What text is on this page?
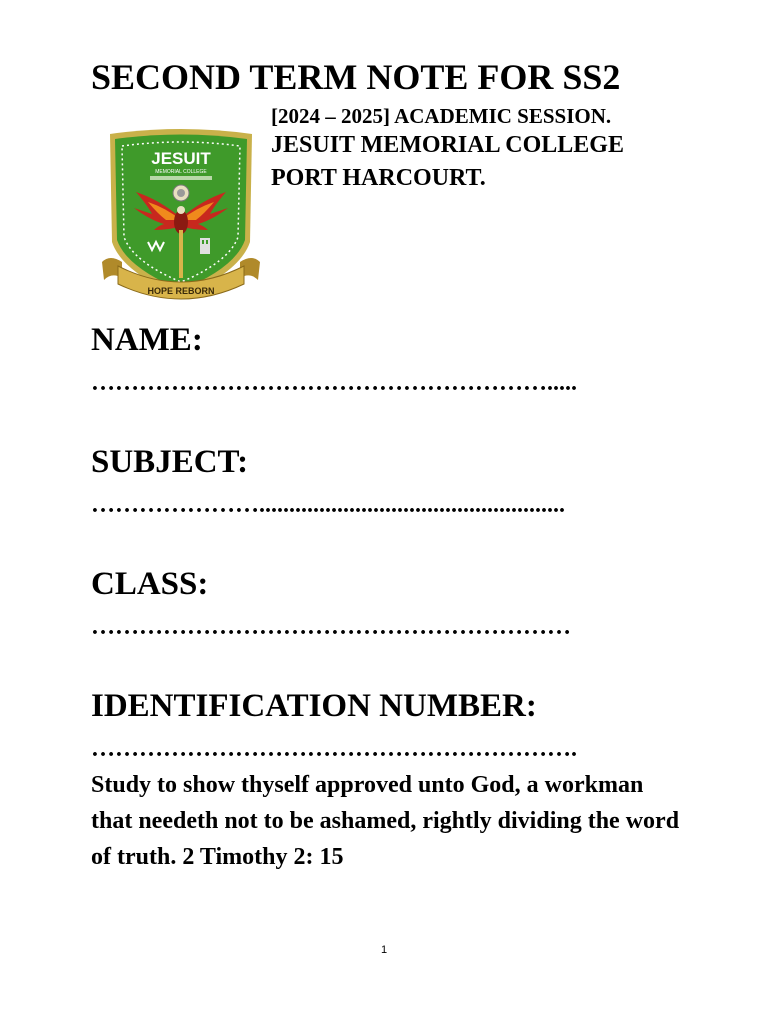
SECOND TERM NOTE FOR SS2
JESUIT
MEMORIAL COLLEGE
HOPE REBORN
[2024 – 2025] ACADEMIC SESSION.
JESUIT MEMORIAL COLLEGE
PORT HARCOURT.
NAME:
………………………………………………….....
SUBJECT:
…………………...................................................
CLASS:
……………………………………………………
IDENTIFICATION NUMBER:
…………………………………………………….
Study to show thyself approved unto God, a workman that needeth not to be ashamed, rightly dividing the word of truth. 2 Timothy 2: 15
1
